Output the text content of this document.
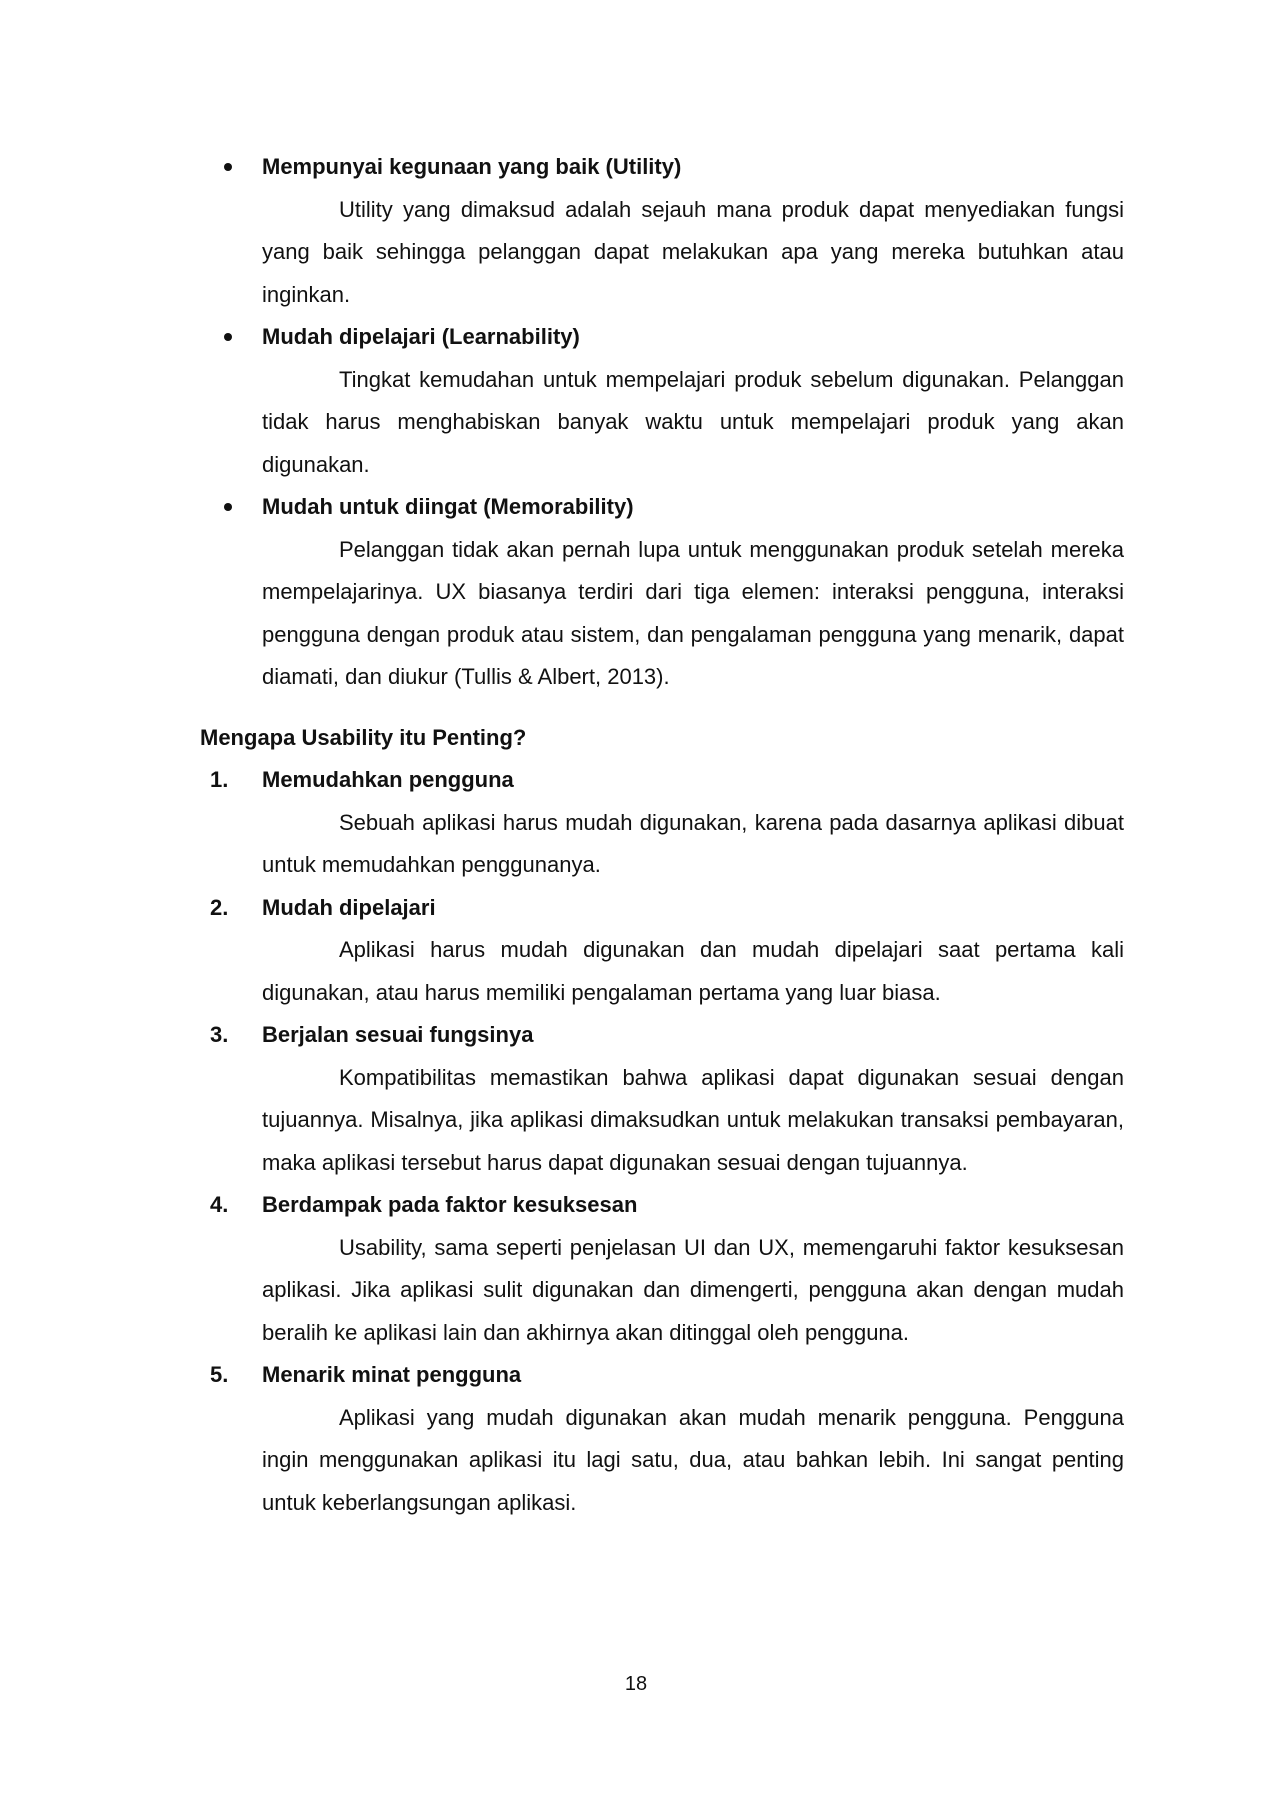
Mempunyai kegunaan yang baik (Utility)

Utility yang dimaksud adalah sejauh mana produk dapat menyediakan fungsi yang baik sehingga pelanggan dapat melakukan apa yang mereka butuhkan atau inginkan.

Mudah dipelajari (Learnability)

Tingkat kemudahan untuk mempelajari produk sebelum digunakan. Pelanggan tidak harus menghabiskan banyak waktu untuk mempelajari produk yang akan digunakan.

Mudah untuk diingat (Memorability)

Pelanggan tidak akan pernah lupa untuk menggunakan produk setelah mereka mempelajarinya. UX biasanya terdiri dari tiga elemen: interaksi pengguna, interaksi pengguna dengan produk atau sistem, dan pengalaman pengguna yang menarik, dapat diamati, dan diukur (Tullis & Albert, 2013).

Mengapa Usability itu Penting?

1. Memudahkan pengguna

Sebuah aplikasi harus mudah digunakan, karena pada dasarnya aplikasi dibuat untuk memudahkan penggunanya.

2. Mudah dipelajari

Aplikasi harus mudah digunakan dan mudah dipelajari saat pertama kali digunakan, atau harus memiliki pengalaman pertama yang luar biasa.

3. Berjalan sesuai fungsinya

Kompatibilitas memastikan bahwa aplikasi dapat digunakan sesuai dengan tujuannya. Misalnya, jika aplikasi dimaksudkan untuk melakukan transaksi pembayaran, maka aplikasi tersebut harus dapat digunakan sesuai dengan tujuannya.

4. Berdampak pada faktor kesuksesan

Usability, sama seperti penjelasan UI dan UX, memengaruhi faktor kesuksesan aplikasi. Jika aplikasi sulit digunakan dan dimengerti, pengguna akan dengan mudah beralih ke aplikasi lain dan akhirnya akan ditinggal oleh pengguna.

5. Menarik minat pengguna

Aplikasi yang mudah digunakan akan mudah menarik pengguna. Pengguna ingin menggunakan aplikasi itu lagi satu, dua, atau bahkan lebih. Ini sangat penting untuk keberlangsungan aplikasi.

18
